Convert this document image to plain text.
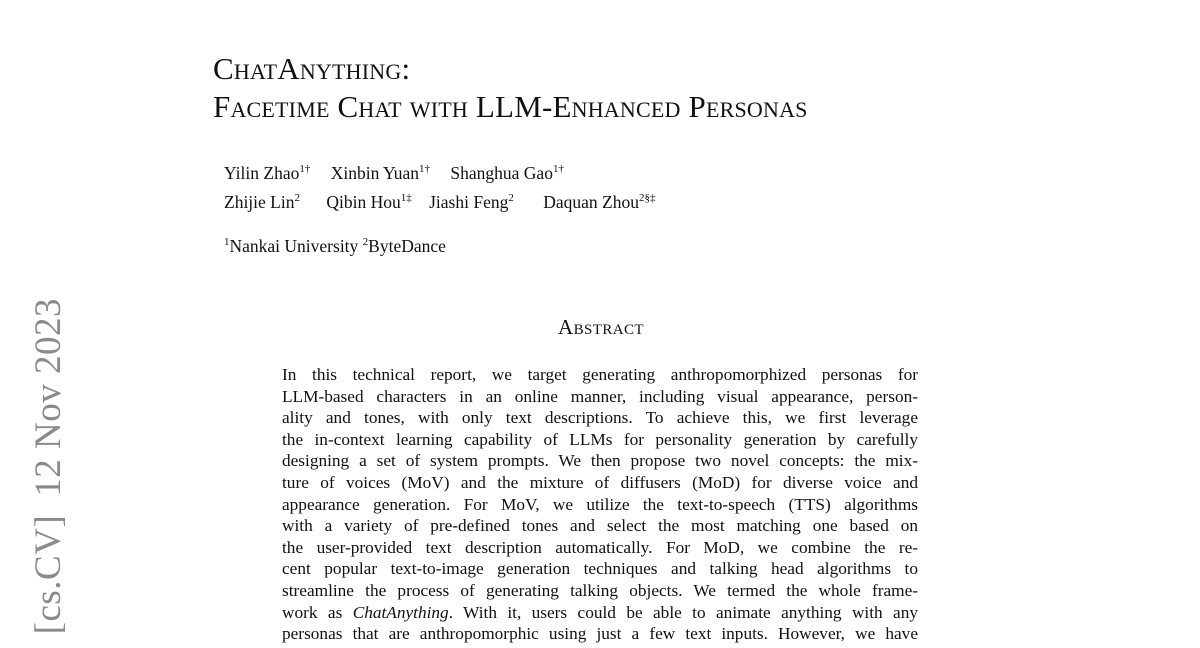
[cs.CV]12 Nov 2023
ChatAnything:
Facetime Chat with LLM-Enhanced Personas
Yilin Zhao$^{1\dagger}$ Xinbin Yuan$^{1\dagger}$ Shanghua Gao$^{1\dagger}$
Zhijie Lin$^2$ Qibin Hou$^{1\ddagger}$ Jiashi Feng$^2$ Daquan Zhou$^{2\S\ddagger}$
$^1$Nankai University $^2$ByteDance
Abstract
In this technical report, we target generating anthropomorphized personas for
LLM-based characters in an online manner, including visual appearance, person-
ality and tones, with only text descriptions. To achieve this, we first leverage
the in-context learning capability of LLMs for personality generation by carefully
designing a set of system prompts. We then propose two novel concepts: the mix-
ture of voices (MoV) and the mixture of diffusers (MoD) for diverse voice and
appearance generation. For MoV, we utilize the text-to-speech (TTS) algorithms
with a variety of pre-defined tones and select the most matching one based on
the user-provided text description automatically. For MoD, we combine the re-
cent popular text-to-image generation techniques and talking head algorithms to
streamline the process of generating talking objects. We termed the whole frame-
work as ChatAnything. With it, users could be able to animate anything with any
personas that are anthropomorphic using just a few text inputs. However, we have
